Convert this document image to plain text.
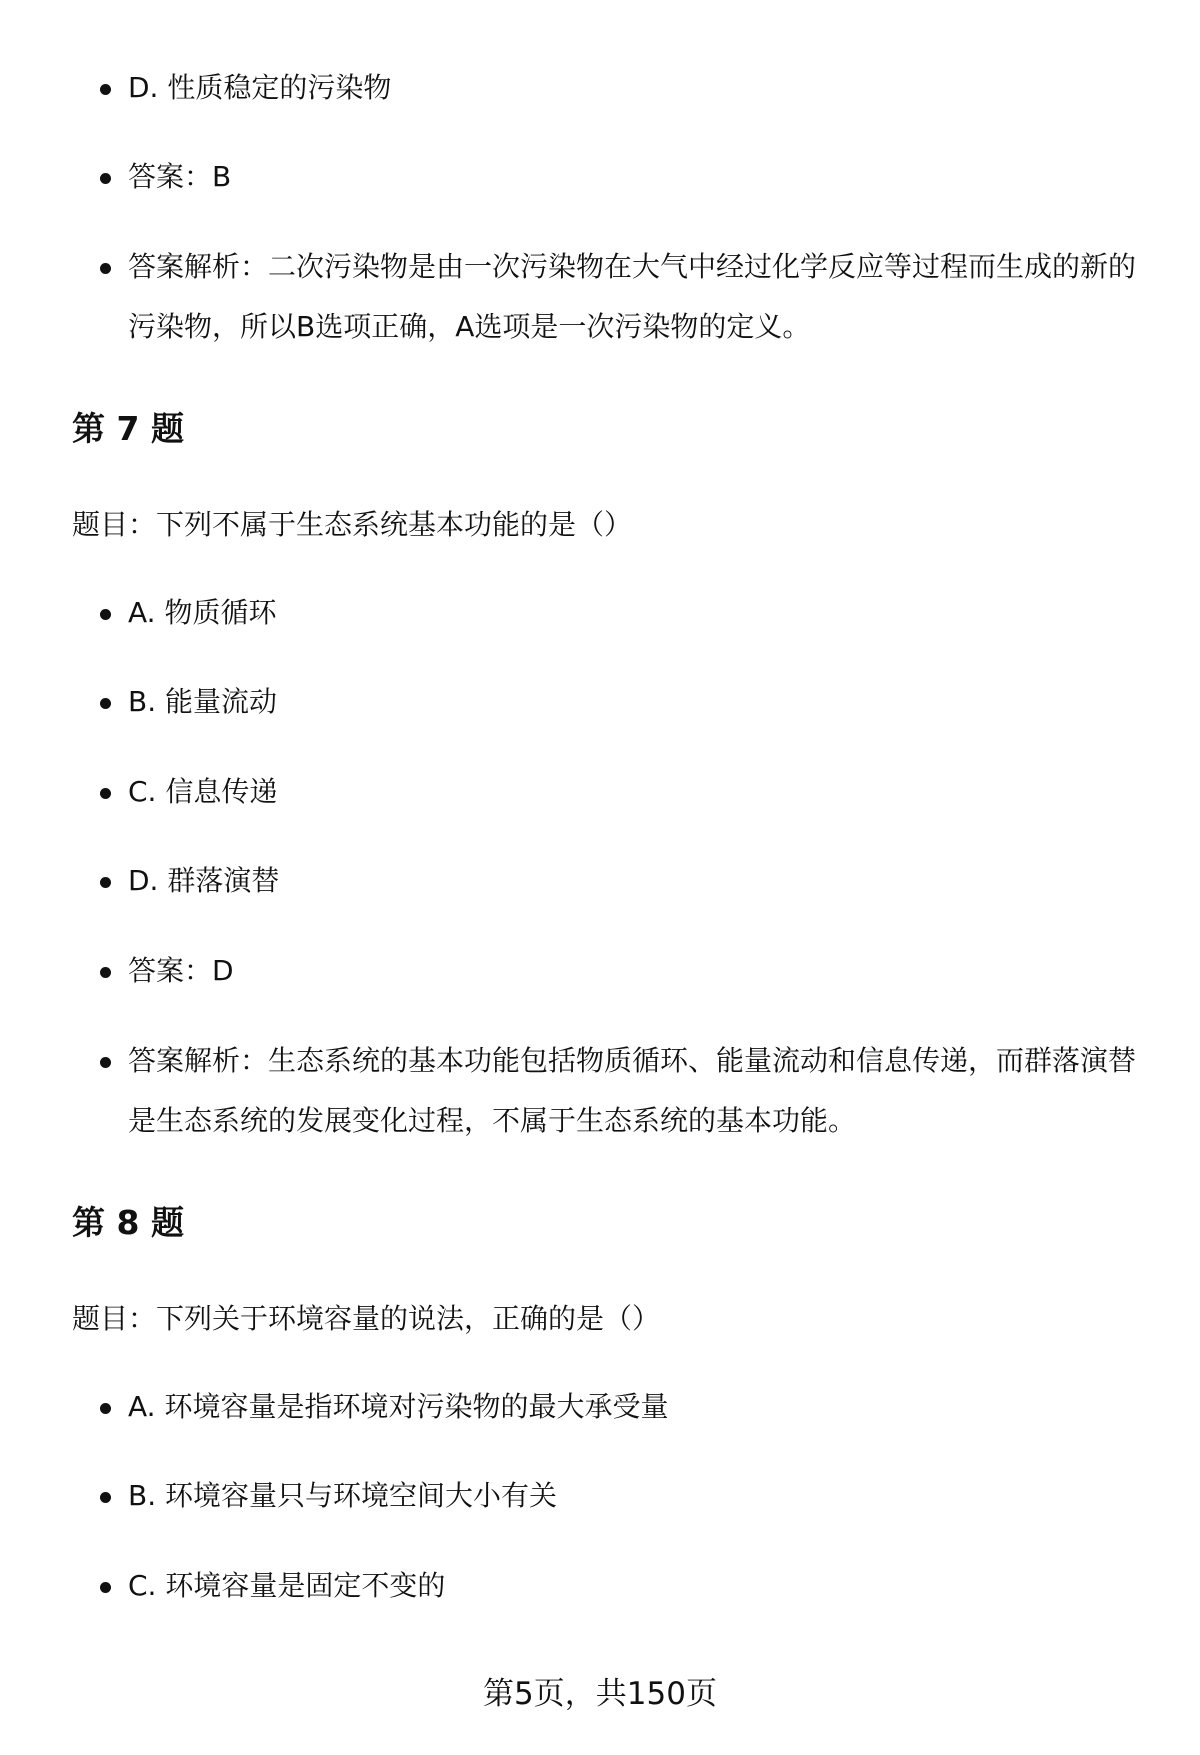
D. 性质稳定的污染物
答案：B
答案解析：二次污染物是由一次污染物在大气中经过化学反应等过程而生成的新的污染物，所以B选项正确，A选项是一次污染物的定义。
第 7 题
题目：下列不属于生态系统基本功能的是（）
A. 物质循环
B. 能量流动
C. 信息传递
D. 群落演替
答案：D
答案解析：生态系统的基本功能包括物质循环、能量流动和信息传递，而群落演替是生态系统的发展变化过程，不属于生态系统的基本功能。
第 8 题
题目：下列关于环境容量的说法，正确的是（）
A. 环境容量是指环境对污染物的最大承受量
B. 环境容量只与环境空间大小有关
C. 环境容量是固定不变的
第5页，共150页
